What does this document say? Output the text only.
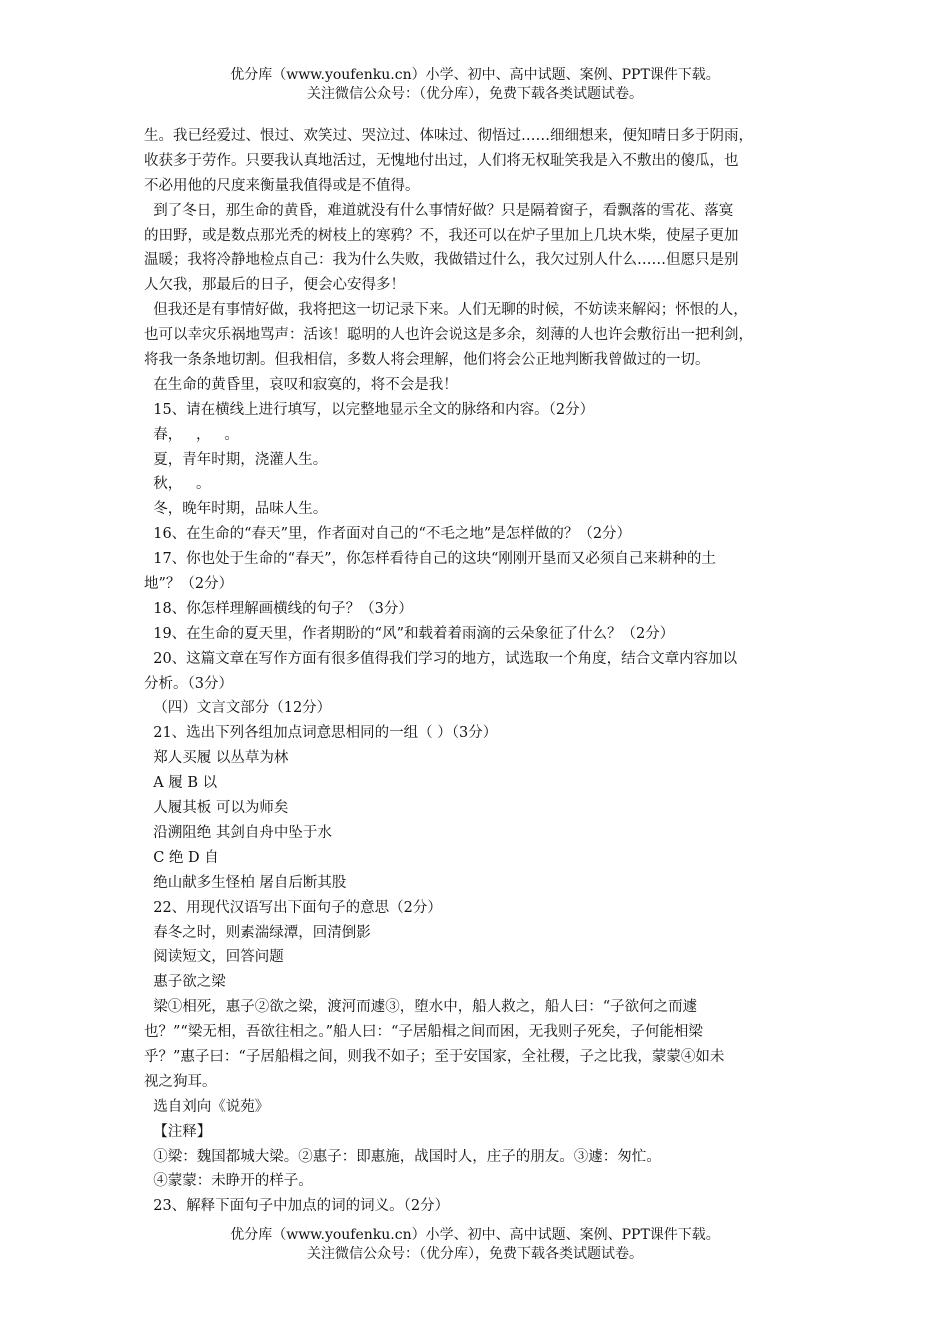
优分库（www.youfenku.cn）小学、初中、高中试题、案例、PPT课件下载。
关注微信公众号：（优分库），免费下载各类试题试卷。
生。我已经爱过、恨过、欢笑过、哭泣过、体味过、彻悟过……细细想来，便知晴日多于阴雨，
收获多于劳作。只要我认真地活过，无愧地付出过，人们将无权耻笑我是入不敷出的傻瓜，也
不必用他的尺度来衡量我值得或是不值得。
到了冬日，那生命的黄昏，难道就没有什么事情好做？只是隔着窗子，看飘落的雪花、落寞
的田野，或是数点那光秃的树枝上的寒鸦？不，我还可以在炉子里加上几块木柴，使屋子更加
温暖；我将冷静地检点自己：我为什么失败，我做错过什么，我欠过别人什么……但愿只是别
人欠我，那最后的日子，便会心安得多！
但我还是有事情好做，我将把这一切记录下来。人们无聊的时候，不妨读来解闷；怀恨的人，
也可以幸灾乐祸地骂声：活该！聪明的人也许会说这是多余，刻薄的人也许会敷衍出一把利剑，
将我一条条地切割。但我相信，多数人将会理解，他们将会公正地判断我曾做过的一切。
在生命的黄昏里，哀叹和寂寞的，将不会是我！
15、请在横线上进行填写，以完整地显示全文的脉络和内容。（2分）
春，   ，   。
夏，青年时期，浇灌人生。
秋，   。
冬，晚年时期，品味人生。
16、在生命的“春天”里，作者面对自己的“不毛之地”是怎样做的？（2分）
17、你也处于生命的“春天”，你怎样看待自己的这块“刚刚开垦而又必须自己来耕种的土
地”？（2分）
18、你怎样理解画横线的句子？（3分）
19、在生命的夏天里，作者期盼的“风”和载着着雨滴的云朵象征了什么？（2分）
20、这篇文章在写作方面有很多值得我们学习的地方，试选取一个角度，结合文章内容加以
分析。（3分）
（四）文言文部分（12分）
21、选出下列各组加点词意思相同的一组（ ）（3分）
郑人买履 以丛草为林
A 履 B 以
人履其板 可以为师矣
沿溯阻绝 其剑自舟中坠于水
C 绝 D 自
绝山献多生怪柏 屠自后断其股
22、用现代汉语写出下面句子的意思（2分）
春冬之时，则素湍绿潭，回清倒影
阅读短文，回答问题
惠子欲之梁
梁①相死，惠子②欲之梁，渡河而遽③，堕水中，船人救之，船人曰：“子欲何之而遽
也？”“梁无相，吾欲往相之。”船人曰：“子居船楫之间而困，无我则子死矣，子何能相梁
乎？”惠子曰：“子居船楫之间，则我不如子；至于安国家，全社稷，子之比我，蒙蒙④如未
视之狗耳。
选自刘向《说苑》
【注释】
①梁：魏国都城大梁。②惠子：即惠施，战国时人，庄子的朋友。③遽：匆忙。
④蒙蒙：未睁开的样子。
23、解释下面句子中加点的词的词义。（2分）
优分库（www.youfenku.cn）小学、初中、高中试题、案例、PPT课件下载。
关注微信公众号：（优分库），免费下载各类试题试卷。
